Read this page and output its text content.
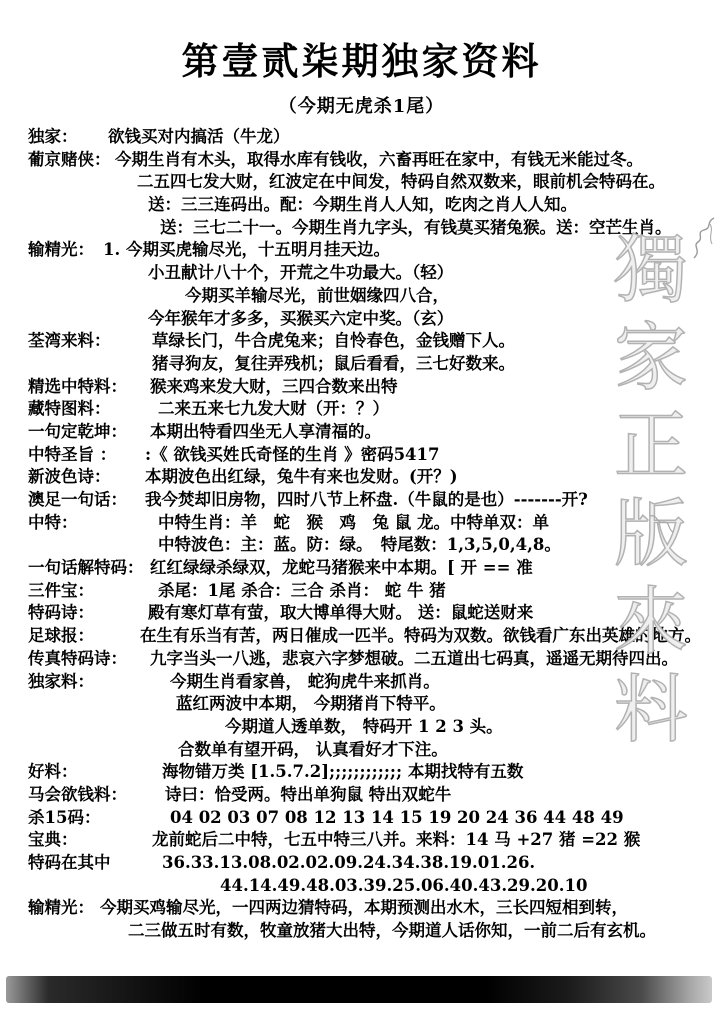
第壹贰柒期独家资料
（今期无虎杀1尾）
独家： 欲钱买对内搞活（牛龙）
葡京赌侠： 今期生肖有木头，取得水库有钱收，六畜再旺在家中，有钱无米能过冬。
二五四七发大财，红波定在中间发，特码自然双数来，眼前机会特码在。
送：三三连码出。配：今期生肖人人知，吃肉之肖人人知。
送：三七二十一。今期生肖九字头，有钱莫买猪兔猴。送：空芒生肖。
输精光： 1. 今期买虎输尽光，十五明月挂天边。
小丑献计八十个，开荒之牛功最大。（轻）
今期买羊输尽光，前世姻缘四八合，
今年猴年才多多，买猴买六定中奖。（玄）
荃湾来料：	草绿长门，牛合虎兔来；自怜春色，金钱赠下人。
猪寻狗友，复往弄残机；鼠后看看，三七好数来。
精选中特料： 猴来鸡来发大财，三四合数来出特
藏特图料：	二来五来七九发大财（开：？）
一句定乾坤： 本期出特看四坐无人享清福的。
中特圣旨 ： :《 欲钱买姓氏奇怪的生肖 》密码5417
新波色诗： 本期波色出红绿，兔牛有来也发财。(开？)
澳足一句话： 我今焚却旧房物，四时八节上杯盘.（牛鼠的是也）-------开?
中特：	中特生肖：羊　蛇　猴　鸡　兔 鼠 龙。中特单双：单
中特波色：主：蓝。防：绿。　特尾数：1,3,5,0,4,8。
一句话解特码： 红红绿绿杀绿双，龙蛇马猪猴来中本期。[ 开 == 准
三件宝：	杀尾：1尾 杀合：三合 杀肖： 蛇 牛 猪
特码诗：	殿有寒灯草有萤，取大博单得大财。 送：鼠蛇送财来
足球报：	在生有乐当有苦，两日催成一匹半。特码为双数。欲钱看广东出英雄的地方。
传真特码诗： 九字当头一八逃，悲哀六字梦想破。二五道出七码真，遥遥无期待四出。
独家料：	今期生肖看家兽， 蛇狗虎牛来抓肖。
蓝红两波中本期， 今期猪肖下特平。
今期道人透单数， 特码开 1 2 3 头。
合数单有望开码， 认真看好才下注。
好料：	海物错万类 [1.5.7.2];;;;;;;;;;;; 本期找特有五数
马会欲钱料： 诗曰：恰受两。特出单狗鼠 特出双蛇牛
杀15码：	04 02 03 07 08 12 13 14 15 19 20 24 36 44 48 49
宝典：	龙前蛇后二中特，七五中特三八并。来料：14 马 +27 猪 =22 猴
特码在其中	36.33.13.08.02.02.09.24.34.38.19.01.26.
44.14.49.48.03.39.25.06.40.43.29.20.10
输精光： 今期买鸡输尽光，一四两边猜特码，本期预测出水木，三长四短相到转，
二三做五时有数，牧童放猪大出特，今期道人话你知，一前二后有玄机。
獨家正版來料
